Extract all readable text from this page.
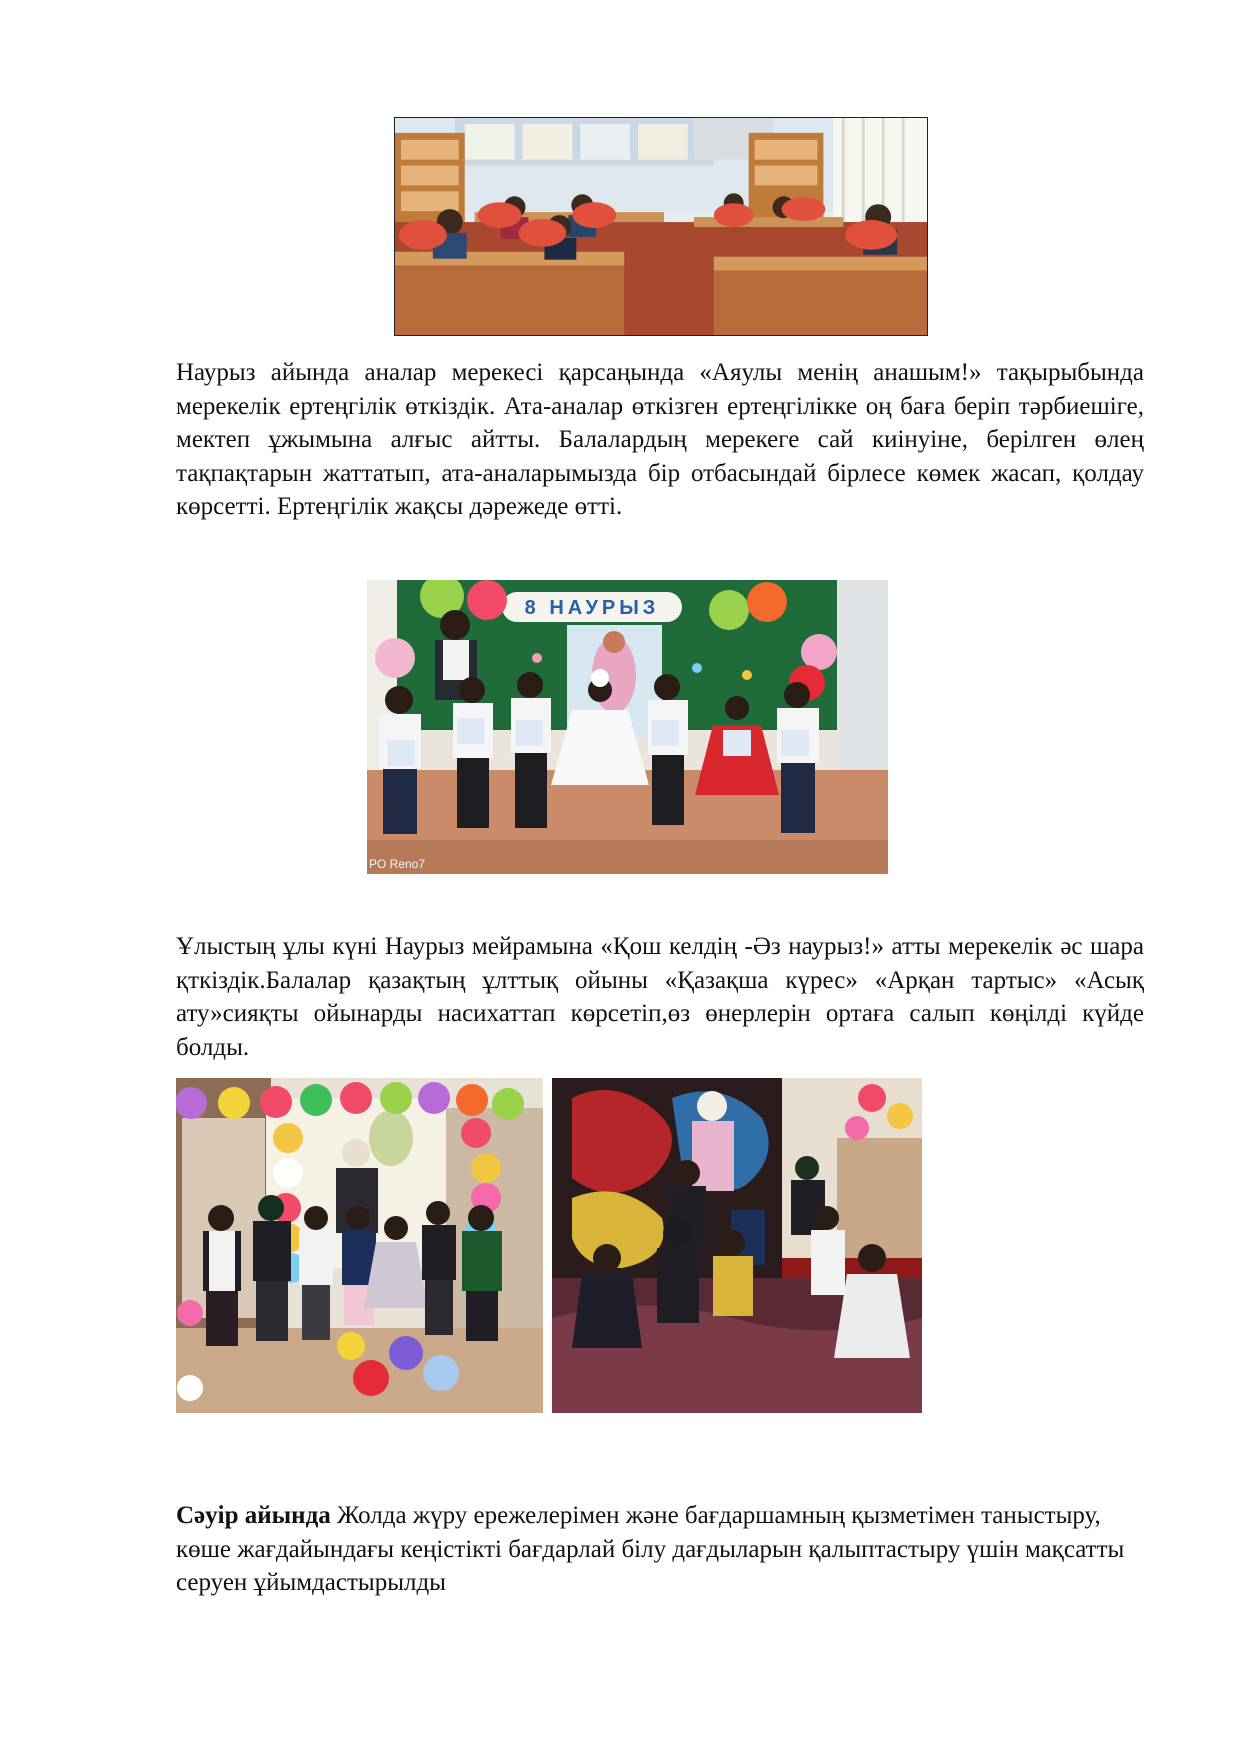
Наурыз айында аналар мерекесі қарсаңында «Аяулы менің анашым!» тақырыбында мерекелік ертеңгілік өткіздік. Ата-аналар өткізген ертеңгілікке оң баға беріп тәрбиешіге, мектеп ұжымына алғыс айтты. Балалардың мерекеге сай киінуіне, берілген өлең тақпақтарын жаттатып, ата-аналарымызда бір отбасындай бірлесе көмек жасап, қолдау көрсетті. Ертеңгілік жақсы дәрежеде өтті.

8 НАУРЫЗ
PO Reno7

Ұлыстың ұлы күні Наурыз мейрамына «Қош келдің -Әз наурыз!» атты мерекелік әс шара қткіздік.Балалар қазақтың ұлттық ойыны «Қазақша күрес» «Арқан тартыс» «Асық ату»сияқты ойынарды насихаттап көрсетіп,өз өнерлерін ортаға салып көңілді күйде болды.

Сәуір айында Жолда жүру ережелерімен және бағдаршамның қызметімен таныстыру, көше жағдайындағы кеңістікті бағдарлай білу дағдыларын қалыптастыру үшін мақсатты серуен ұйымдастырылды
